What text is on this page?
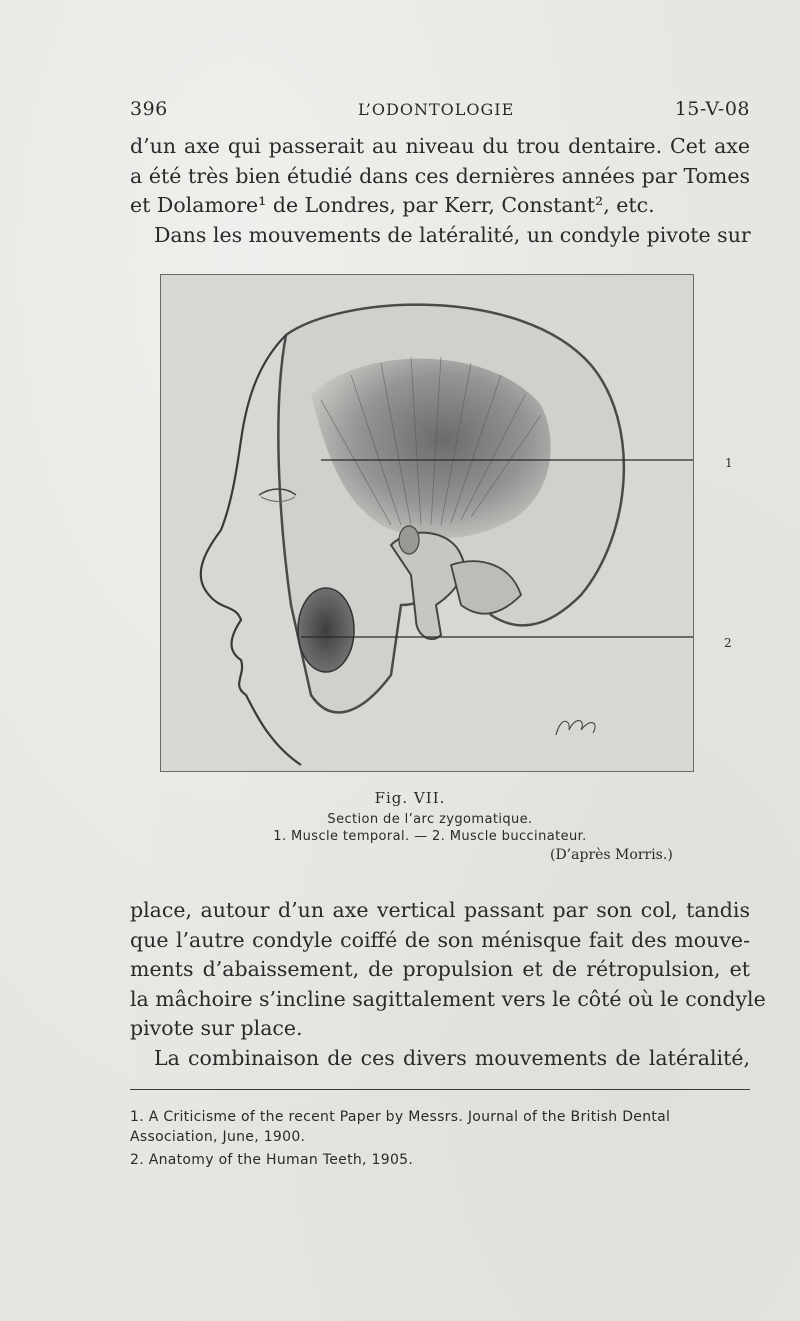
396	L’ODONTOLOGIE	15-V-08
d’un axe qui passerait au niveau du trou dentaire. Cet axe
a été très bien étudié dans ces dernières années par Tomes
et Dolamore¹ de Londres, par Kerr, Constant², etc.
Dans les mouvements de latéralité, un condyle pivote sur
1
2
Fig. VII.
Section de l’arc zygomatique.
1. Muscle temporal. — 2. Muscle buccinateur.
(D’après Morris.)
place, autour d’un axe vertical passant par son col, tandis
que l’autre condyle coiffé de son ménisque fait des mouve-
ments d’abaissement, de propulsion et de rétropulsion, et
la mâchoire s’incline sagittalement vers le côté où le condyle
pivote sur place.
La combinaison de ces divers mouvements de latéralité,
1. A Criticisme of the recent Paper by Messrs. Journal of the British Dental
Association, June, 1900.
2. Anatomy of the Human Teeth, 1905.
